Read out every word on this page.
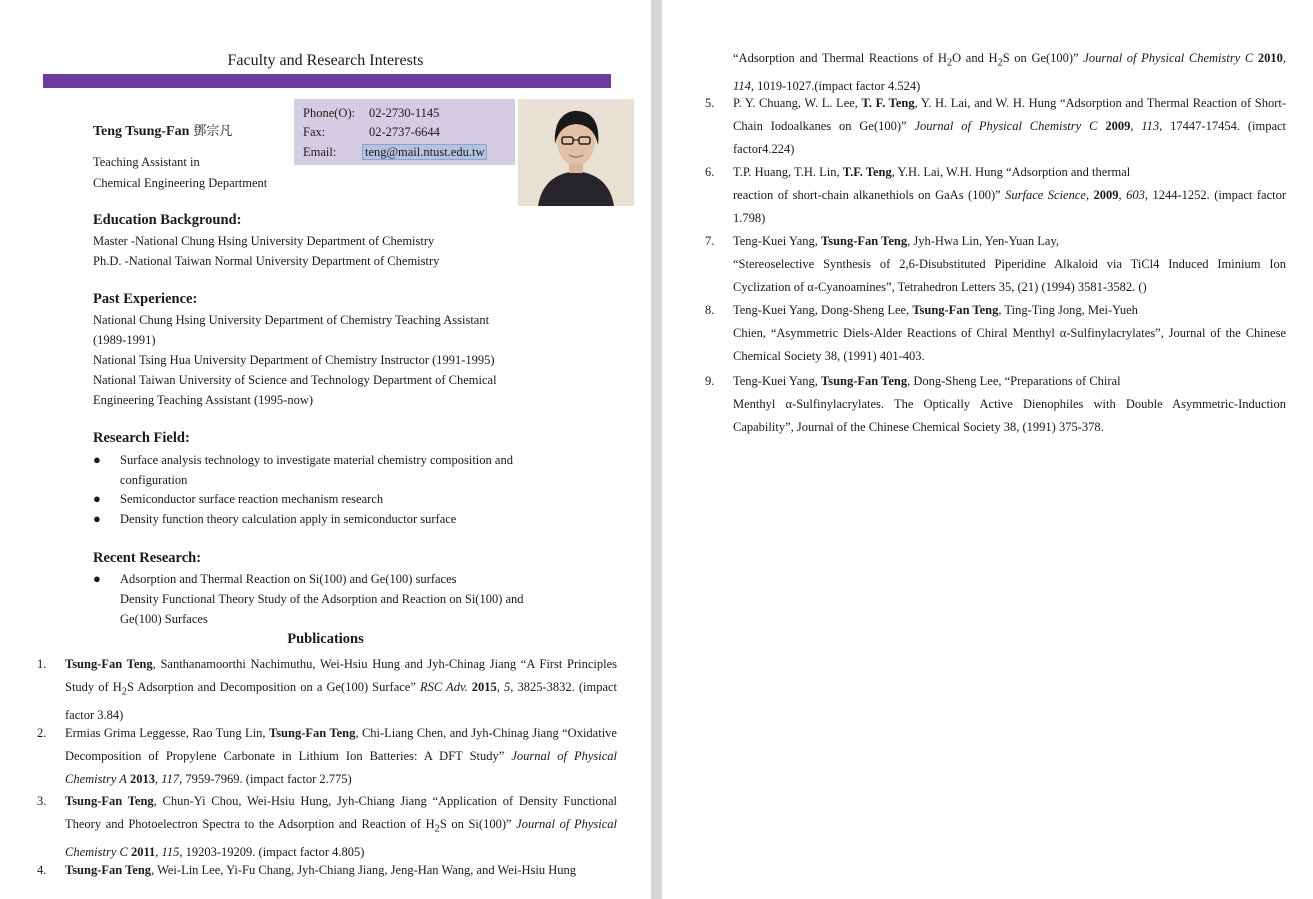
Faculty and Research Interests
Teng Tsung-Fan 鄧宗凡
Teaching Assistant in
Chemical Engineering Department
Phone(O): 02-2730-1145
Fax:	02-2737-6644
Email: teng@mail.ntust.edu.tw
Education Background:
Master -National Chung Hsing University Department of Chemistry
Ph.D. -National Taiwan Normal University Department of Chemistry
Past Experience:
National Chung Hsing University Department of Chemistry Teaching Assistant
(1989-1991)
National Tsing Hua University Department of Chemistry Instructor (1991-1995)
National Taiwan University of Science and Technology Department of Chemical
Engineering Teaching Assistant (1995-now)
Research Field:
● Surface analysis technology to investigate material chemistry composition and configuration
● Semiconductor surface reaction mechanism research
● Density function theory calculation apply in semiconductor surface
Recent Research:
● Adsorption and Thermal Reaction on Si(100) and Ge(100) surfaces
Density Functional Theory Study of the Adsorption and Reaction on Si(100) and Ge(100) Surfaces
Publications
1.	Tsung-Fan Teng, Santhanamoorthi Nachimuthu, Wei-Hsiu Hung and Jyh-Chinag Jiang “A First Principles Study of $H_2S$ Adsorption and Decomposition on a Ge(100) Surface” RSC Adv. 2015, 5, 3825-3832. (impact factor 3.84)
2.	Ermias Grima Leggesse, Rao Tung Lin, Tsung-Fan Teng, Chi-Liang Chen, and Jyh-Chinag Jiang “Oxidative Decomposition of Propylene Carbonate in Lithium Ion Batteries: A DFT Study” Journal of Physical Chemistry A 2013, 117, 7959-7969. (impact factor 2.775)
3.	Tsung-Fan Teng, Chun-Yi Chou, Wei-Hsiu Hung, Jyh-Chiang Jiang “Application of Density Functional Theory and Photoelectron Spectra to the Adsorption and Reaction of $H_2S$ on Si(100)” Journal of Physical Chemistry C 2011, 115, 19203-19209. (impact factor 4.805)
4.	Tsung-Fan Teng, Wei-Lin Lee, Yi-Fu Chang, Jyh-Chiang Jiang, Jeng-Han Wang, and Wei-Hsiu Hung
“Adsorption and Thermal Reactions of $H_2O$ and $H_2S$ on Ge(100)” Journal of Physical Chemistry C 2010, 114, 1019-1027.(impact factor 4.524)
5.	P. Y. Chuang, W. L. Lee, T. F. Teng, Y. H. Lai, and W. H. Hung “Adsorption and Thermal Reaction of Short-Chain Iodoalkanes on Ge(100)” Journal of Physical Chemistry C 2009, 113, 17447-17454. (impact factor4.224)
6.	T.P. Huang, T.H. Lin, T.F. Teng, Y.H. Lai, W.H. Hung “Adsorption and thermal
reaction of short-chain alkanethiols on GaAs (100)” Surface Science, 2009, 603, 1244-1252. (impact factor 1.798)
7.	Teng-Kuei Yang, Tsung-Fan Teng, Jyh-Hwa Lin, Yen-Yuan Lay,
“Stereoselective Synthesis of 2,6-Disubstituted Piperidine Alkaloid via TiCl4 Induced Iminium Ion Cyclization of α-Cyanoamines”, Tetrahedron Letters 35, (21) (1994) 3581-3582. ()
8.	Teng-Kuei Yang, Dong-Sheng Lee, Tsung-Fan Teng, Ting-Ting Jong, Mei-Yueh
Chien, “Asymmetric Diels-Alder Reactions of Chiral Menthyl α-Sulfinylacrylates”, Journal of the Chinese Chemical Society 38, (1991) 401-403.
9.	Teng-Kuei Yang, Tsung-Fan Teng, Dong-Sheng Lee, “Preparations of Chiral
Menthyl α-Sulfinylacrylates. The Optically Active Dienophiles with Double Asymmetric-Induction Capability”, Journal of the Chinese Chemical Society 38, (1991) 375-378.
